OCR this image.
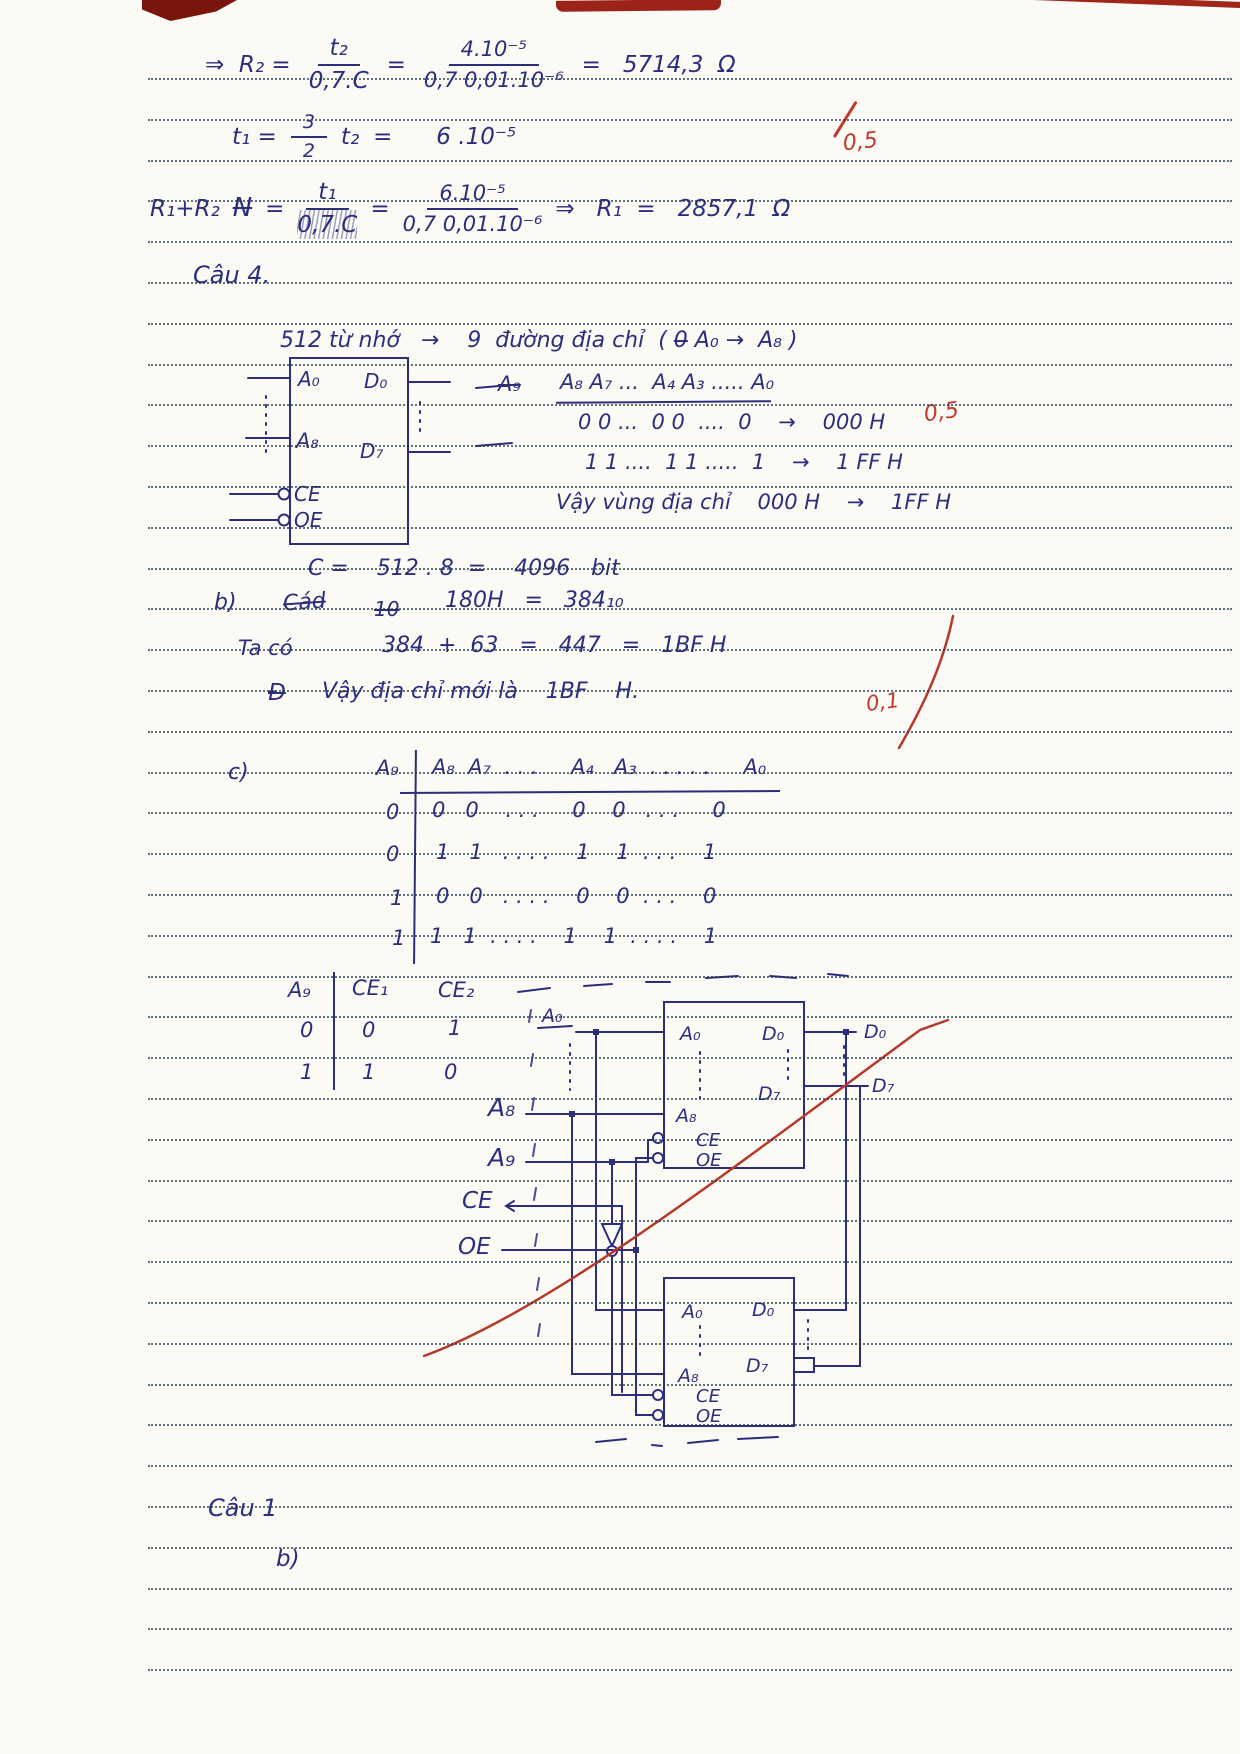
⇒  $R_2 = \frac{\text{t₂}}{0,7.C} = \frac{\text{4.10⁻⁵}}{\text{0,7 0,01.10⁻⁶}} = 5714,3$  Ω
$t_1 = \frac{3}{2} t_2$ =      6 .10⁻⁵	0,5

R₁+R₂ $N = \frac{\text{t₁}}{0,7.C} = \frac{\text{6.10⁻⁵}}{\text{0,7 0,01.10⁻⁶}}$ ⇒   R₁  =   2857,1  Ω
Câu 4.

512 từ nhớ   →    9  đường địa chỉ  ( 0 A₀ →  A₈ )

A₀
A₈
CE
OE
D₀
D₇
A₉ A₈ A₇ ...  A₄ A₃ ..... A₀
0 0 ...  0 0  ....  0    →    000 H 0,5
1 1 ....  1 1 .....  1    →    1 FF H
Vậy vùng địa chỉ    000 H    →    1FF H
C =    512 . 8  =    4096   bit
b) Cád 10 180H   =   384₁₀
Ta có	384  +  63   =   447   =   1BF H
0,1
Đ Vậy địa chỉ mới là    1BF    H.
c)	A₉ A₈  A₇  . . .     A₄   A₃  . . . . .     A₀
0 0   0    . . .     0    0   . . .     0
0 1   1   . . . .    1    1  . . .    1
1 0   0   . . . .    0    0  . . .    0
1 1   1  . . . .    1    1  . . . .    1
A₉ CE₁ CE₂
0 0	1
1 1	0
A₀
A₈
A₉
CE
OE
D₀
D₇
A₀
A₈
CE
OE
D₀
D₇
A₀
A₈
CE
OE
D₀
D₇
Câu 1
b)
